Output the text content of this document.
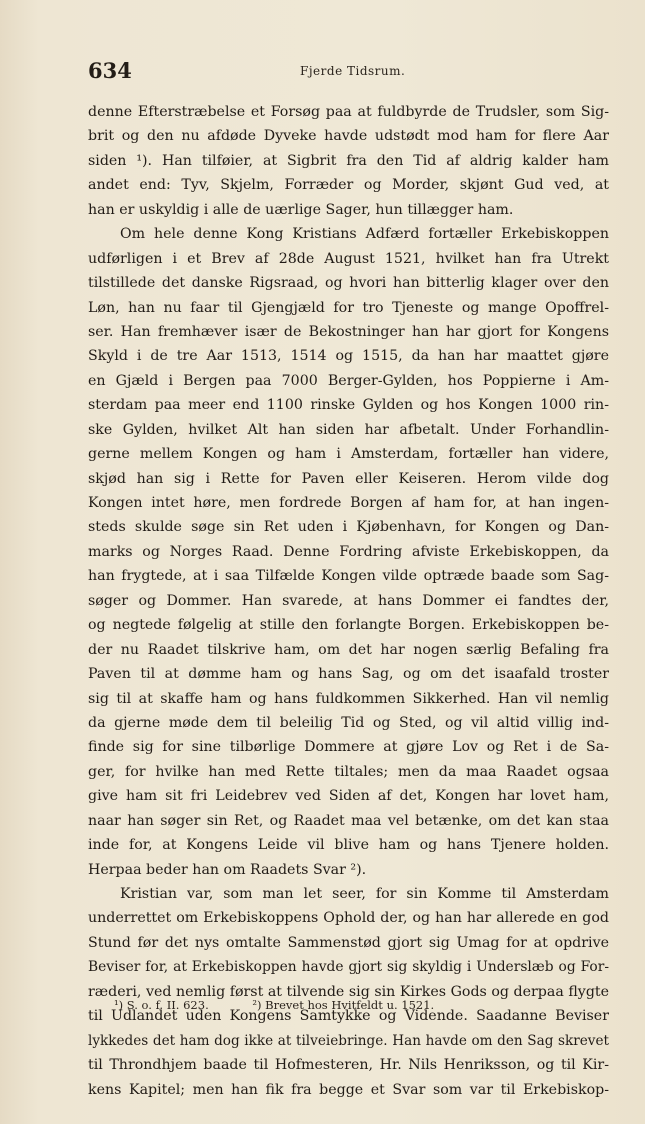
634	Fjerde Tidsrum.
denne Efterstræbelse et Forsøg paa at fuldbyrde de Trudsler, som Sig-
brit og den nu afdøde Dyveke havde udstødt mod ham for flere Aar
siden ¹). Han tilføier, at Sigbrit fra den Tid af aldrig kalder ham
andet end: Tyv, Skjelm, Forræder og Morder, skjønt Gud ved, at
han er uskyldig i alle de uærlige Sager, hun tillægger ham.
Om hele denne Kong Kristians Adfærd fortæller Erkebiskoppen
udførligen i et Brev af 28de August 1521, hvilket han fra Utrekt
tilstillede det danske Rigsraad, og hvori han bitterlig klager over den
Løn, han nu faar til Gjengjæld for tro Tjeneste og mange Opoffrel-
ser. Han fremhæver især de Bekostninger han har gjort for Kongens
Skyld i de tre Aar 1513, 1514 og 1515, da han har maattet gjøre
en Gjæld i Bergen paa 7000 Berger-Gylden, hos Poppierne i Am-
sterdam paa meer end 1100 rinske Gylden og hos Kongen 1000 rin-
ske Gylden, hvilket Alt han siden har afbetalt. Under Forhandlin-
gerne mellem Kongen og ham i Amsterdam, fortæller han videre,
skjød han sig i Rette for Paven eller Keiseren. Herom vilde dog
Kongen intet høre, men fordrede Borgen af ham for, at han ingen-
steds skulde søge sin Ret uden i Kjøbenhavn, for Kongen og Dan-
marks og Norges Raad. Denne Fordring afviste Erkebiskoppen, da
han frygtede, at i saa Tilfælde Kongen vilde optræde baade som Sag-
søger og Dommer. Han svarede, at hans Dommer ei fandtes der,
og negtede følgelig at stille den forlangte Borgen. Erkebiskoppen be-
der nu Raadet tilskrive ham, om det har nogen særlig Befaling fra
Paven til at dømme ham og hans Sag, og om det isaafald troster
sig til at skaffe ham og hans fuldkommen Sikkerhed. Han vil nemlig
da gjerne møde dem til beleilig Tid og Sted, og vil altid villig ind-
finde sig for sine tilbørlige Dommere at gjøre Lov og Ret i de Sa-
ger, for hvilke han med Rette tiltales; men da maa Raadet ogsaa
give ham sit fri Leidebrev ved Siden af det, Kongen har lovet ham,
naar han søger sin Ret, og Raadet maa vel betænke, om det kan staa
inde for, at Kongens Leide vil blive ham og hans Tjenere holden.
Herpaa beder han om Raadets Svar ²).
Kristian var, som man let seer, for sin Komme til Amsterdam
underrettet om Erkebiskoppens Ophold der, og han har allerede en god
Stund før det nys omtalte Sammenstød gjort sig Umag for at opdrive
Beviser for, at Erkebiskoppen havde gjort sig skyldig i Underslæb og For-
ræderi, ved nemlig først at tilvende sig sin Kirkes Gods og derpaa flygte
til Udlandet uden Kongens Samtykke og Vidende. Saadanne Beviser
lykkedes det ham dog ikke at tilveiebringe. Han havde om den Sag skrevet
til Throndhjem baade til Hofmesteren, Hr. Nils Henriksson, og til Kir-
kens Kapitel; men han fik fra begge et Svar som var til Erkebiskop-
¹) S. o. f. II. 623.	²) Brevet hos Hvitfeldt u. 1521.
